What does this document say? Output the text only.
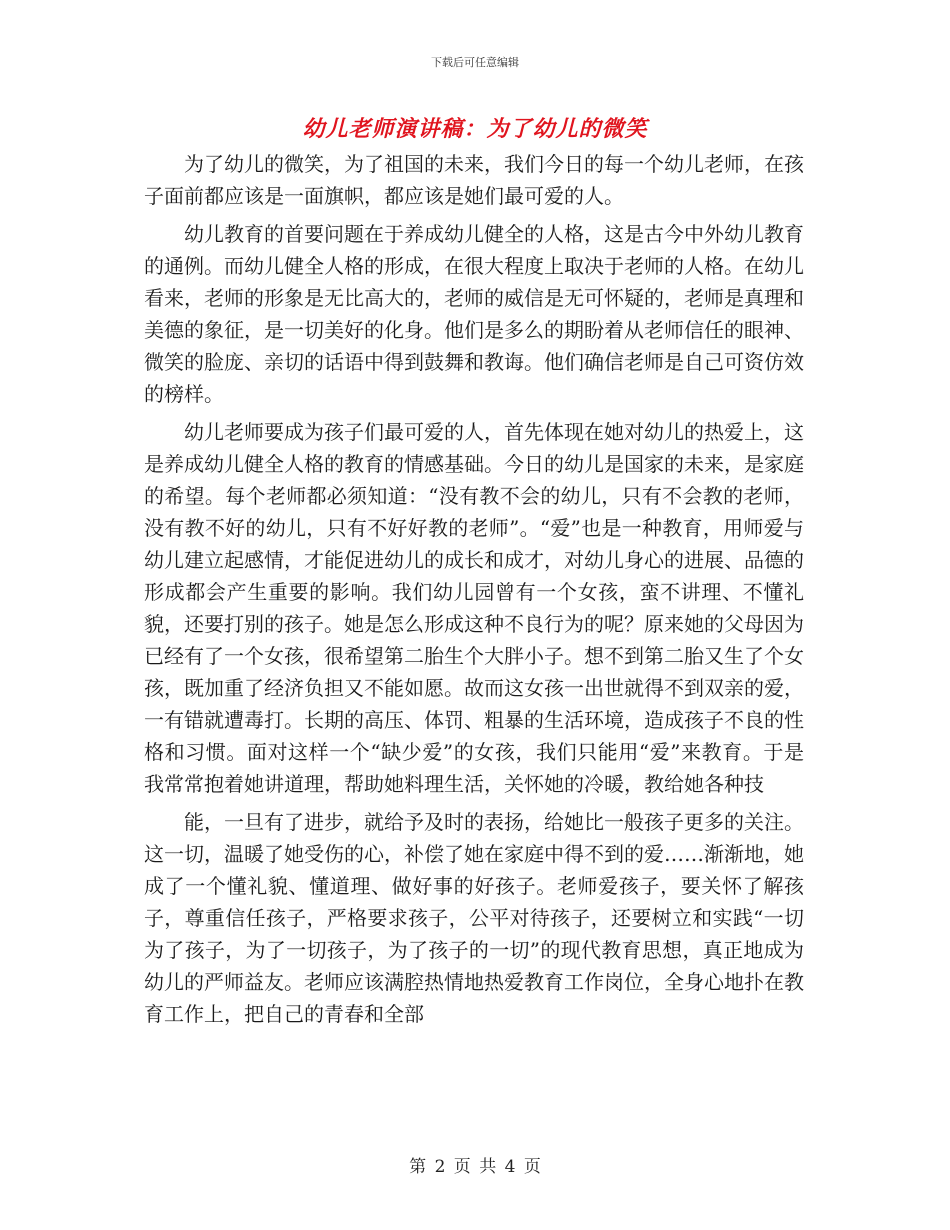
下载后可任意编辑
幼儿老师演讲稿：为了幼儿的微笑

为了幼儿的微笑，为了祖国的未来，我们今日的每一个幼儿老师，在孩子面前都应该是一面旗帜，都应该是她们最可爱的人。

幼儿教育的首要问题在于养成幼儿健全的人格，这是古今中外幼儿教育的通例。而幼儿健全人格的形成，在很大程度上取决于老师的人格。在幼儿看来，老师的形象是无比高大的，老师的威信是无可怀疑的，老师是真理和美德的象征，是一切美好的化身。他们是多么的期盼着从老师信任的眼神、微笑的脸庞、亲切的话语中得到鼓舞和教诲。他们确信老师是自己可资仿效的榜样。

幼儿老师要成为孩子们最可爱的人，首先体现在她对幼儿的热爱上，这是养成幼儿健全人格的教育的情感基础。今日的幼儿是国家的未来，是家庭的希望。每个老师都必须知道：“没有教不会的幼儿，只有不会教的老师，没有教不好的幼儿，只有不好好教的老师”。“爱”也是一种教育，用师爱与幼儿建立起感情，才能促进幼儿的成长和成才，对幼儿身心的进展、品德的形成都会产生重要的影响。我们幼儿园曾有一个女孩，蛮不讲理、不懂礼貌，还要打别的孩子。她是怎么形成这种不良行为的呢？原来她的父母因为已经有了一个女孩，很希望第二胎生个大胖小子。想不到第二胎又生了个女孩，既加重了经济负担又不能如愿。故而这女孩一出世就得不到双亲的爱，一有错就遭毒打。长期的高压、体罚、粗暴的生活环境，造成孩子不良的性格和习惯。面对这样一个“缺少爱”的女孩，我们只能用“爱”来教育。于是我常常抱着她讲道理，帮助她料理生活，关怀她的冷暖，教给她各种技

能，一旦有了进步，就给予及时的表扬，给她比一般孩子更多的关注。这一切，温暖了她受伤的心，补偿了她在家庭中得不到的爱……渐渐地，她成了一个懂礼貌、懂道理、做好事的好孩子。老师爱孩子，要关怀了解孩子，尊重信任孩子，严格要求孩子，公平对待孩子，还要树立和实践“一切为了孩子，为了一切孩子，为了孩子的一切”的现代教育思想，真正地成为幼儿的严师益友。老师应该满腔热情地热爱教育工作岗位，全身心地扑在教育工作上，把自己的青春和全部

第 2 页 共 4 页
